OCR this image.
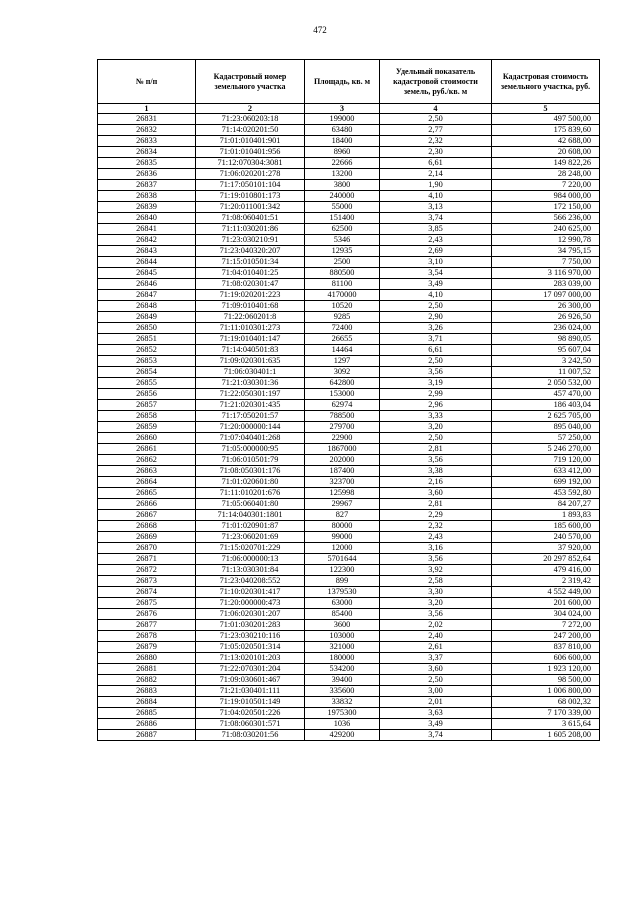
472
№ п/п	Кадастровый номер земельного участка	Площадь, кв. м	Удельный показатель кадастровой стоимости земель, руб./кв. м	Кадастровая стоимость земельного участка, руб.
1	2	3	4	5
26831	71:23:060203:18	199000	2,50	497 500,00
26832	71:14:020201:50	63480	2,77	175 839,60
26833	71:01:010401:901	18400	2,32	42 688,00
26834	71:01:010401:956	8960	2,30	20 608,00
26835	71:12:070304:3081	22666	6,61	149 822,26
26836	71:06:020201:278	13200	2,14	28 248,00
26837	71:17:050101:104	3800	1,90	7 220,00
26838	71:19:010801:173	240000	4,10	984 000,00
26839	71:20:011001:342	55000	3,13	172 150,00
26840	71:08:060401:51	151400	3,74	566 236,00
26841	71:11:030201:86	62500	3,85	240 625,00
26842	71:23:030210:91	5346	2,43	12 990,78
26843	71:23:040320:207	12935	2,69	34 795,15
26844	71:15:010501:34	2500	3,10	7 750,00
26845	71:04:010401:25	880500	3,54	3 116 970,00
26846	71:08:020301:47	81100	3,49	283 039,00
26847	71:19:020201:223	4170000	4,10	17 097 000,00
26848	71:09:010401:68	10520	2,50	26 300,00
26849	71:22:060201:8	9285	2,90	26 926,50
26850	71:11:010301:273	72400	3,26	236 024,00
26851	71:19:010401:147	26655	3,71	98 890,05
26852	71:14:040501:83	14464	6,61	95 607,04
26853	71:09:020301:635	1297	2,50	3 242,50
26854	71:06:030401:1	3092	3,56	11 007,52
26855	71:21:030301:36	642800	3,19	2 050 532,00
26856	71:22:050301:197	153000	2,99	457 470,00
26857	71:21:020301:435	62974	2,96	186 403,04
26858	71:17:050201:57	788500	3,33	2 625 705,00
26859	71:20:000000:144	279700	3,20	895 040,00
26860	71:07:040401:268	22900	2,50	57 250,00
26861	71:05:000000:95	1867000	2,81	5 246 270,00
26862	71:06:010501:79	202000	3,56	719 120,00
26863	71:08:050301:176	187400	3,38	633 412,00
26864	71:01:020601:80	323700	2,16	699 192,00
26865	71:11:010201:676	125998	3,60	453 592,80
26866	71:05:060401:80	29967	2,81	84 207,27
26867	71:14:040301:1801	827	2,29	1 893,83
26868	71:01:020901:87	80000	2,32	185 600,00
26869	71:23:060201:69	99000	2,43	240 570,00
26870	71:15:020701:229	12000	3,16	37 920,00
26871	71:06:000000:13	5701644	3,56	20 297 852,64
26872	71:13:030301:84	122300	3,92	479 416,00
26873	71:23:040208:552	899	2,58	2 319,42
26874	71:10:020301:417	1379530	3,30	4 552 449,00
26875	71:20:000000:473	63000	3,20	201 600,00
26876	71:06:020301:207	85400	3,56	304 024,00
26877	71:01:030201:283	3600	2,02	7 272,00
26878	71:23:030210:116	103000	2,40	247 200,00
26879	71:05:020501:314	321000	2,61	837 810,00
26880	71:13:020101:203	180000	3,37	606 600,00
26881	71:22:070301:204	534200	3,60	1 923 120,00
26882	71:09:030601:467	39400	2,50	98 500,00
26883	71:21:030401:111	335600	3,00	1 006 800,00
26884	71:19:010501:149	33832	2,01	68 002,32
26885	71:04:020501:226	1975300	3,63	7 170 339,00
26886	71:08:060301:571	1036	3,49	3 615,64
26887	71:08:030201:56	429200	3,74	1 605 208,00
